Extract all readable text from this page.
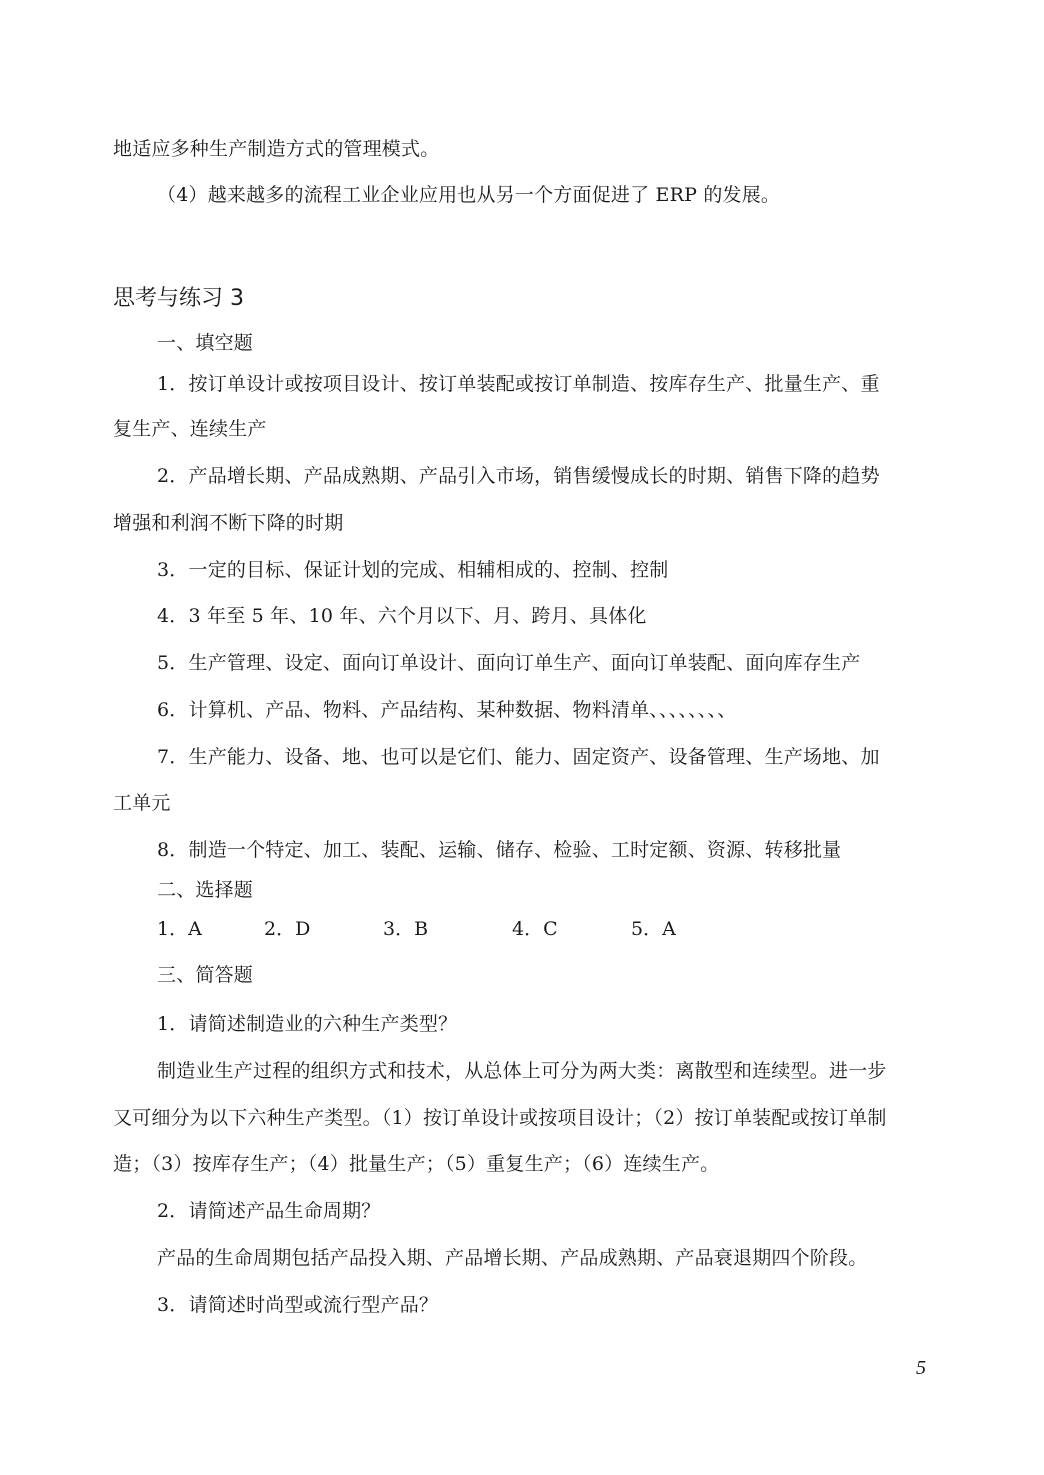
地适应多种生产制造方式的管理模式。
（4）越来越多的流程工业企业应用也从另一个方面促进了 ERP 的发展。
思考与练习 3
一、填空题
1．按订单设计或按项目设计、按订单装配或按订单制造、按库存生产、批量生产、重
复生产、连续生产
2．产品增长期、产品成熟期、产品引入市场，销售缓慢成长的时期、销售下降的趋势
增强和利润不断下降的时期
3．一定的目标、保证计划的完成、相辅相成的、控制、控制
4．3 年至 5 年、10 年、六个月以下、月、跨月、具体化
5．生产管理、设定、面向订单设计、面向订单生产、面向订单装配、面向库存生产
6．计算机、产品、物料、产品结构、某种数据、物料清单、、、、、、、、
7．生产能力、设备、地、也可以是它们、能力、固定资产、设备管理、生产场地、加
工单元
8．制造一个特定、加工、装配、运输、储存、检验、工时定额、资源、转移批量
二、选择题
1．A	2．D	3．B	4．C	5．A
三、简答题
1．请简述制造业的六种生产类型？
制造业生产过程的组织方式和技术，从总体上可分为两大类：离散型和连续型。进一步
又可细分为以下六种生产类型。（1）按订单设计或按项目设计；（2）按订单装配或按订单制
造；（3）按库存生产；（4）批量生产；（5）重复生产；（6）连续生产。
2．请简述产品生命周期？
产品的生命周期包括产品投入期、产品增长期、产品成熟期、产品衰退期四个阶段。
3．请简述时尚型或流行型产品？
5
